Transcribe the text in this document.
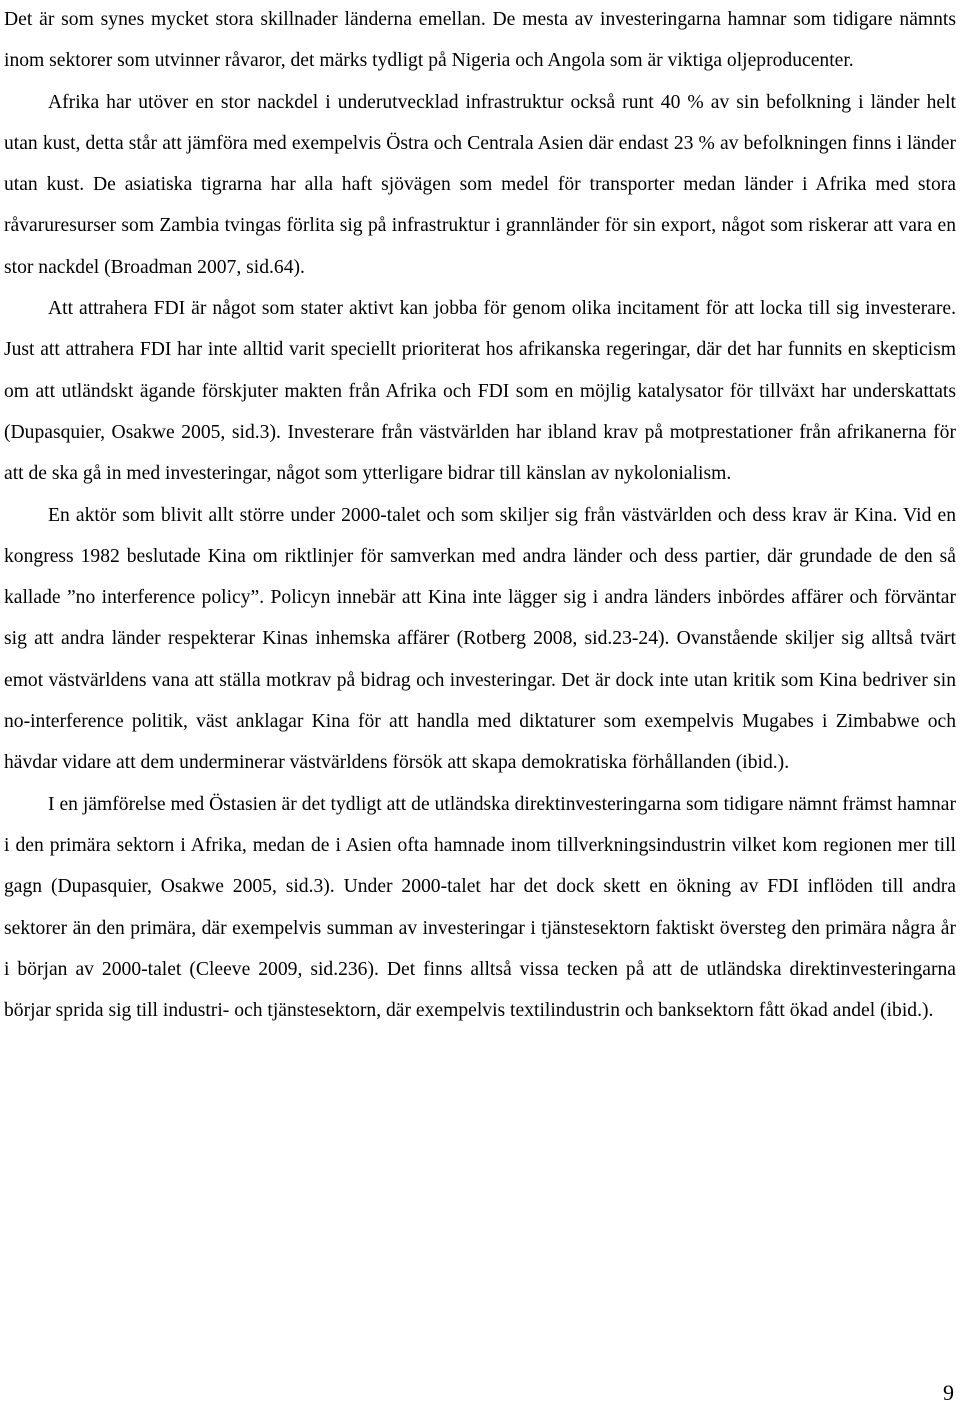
Det är som synes mycket stora skillnader länderna emellan. De mesta av investeringarna hamnar som tidigare nämnts inom sektorer som utvinner råvaror, det märks tydligt på Nigeria och Angola som är viktiga oljeproducenter.

Afrika har utöver en stor nackdel i underutvecklad infrastruktur också runt 40 % av sin befolkning i länder helt utan kust, detta står att jämföra med exempelvis Östra och Centrala Asien där endast 23 % av befolkningen finns i länder utan kust. De asiatiska tigrarna har alla haft sjövägen som medel för transporter medan länder i Afrika med stora råvaruresurser som Zambia tvingas förlita sig på infrastruktur i grannländer för sin export, något som riskerar att vara en stor nackdel (Broadman 2007, sid.64).

Att attrahera FDI är något som stater aktivt kan jobba för genom olika incitament för att locka till sig investerare. Just att attrahera FDI har inte alltid varit speciellt prioriterat hos afrikanska regeringar, där det har funnits en skepticism om att utländskt ägande förskjuter makten från Afrika och FDI som en möjlig katalysator för tillväxt har underskattats (Dupasquier, Osakwe 2005, sid.3). Investerare från västvärlden har ibland krav på motprestationer från afrikanerna för att de ska gå in med investeringar, något som ytterligare bidrar till känslan av nykolonialism.

En aktör som blivit allt större under 2000-talet och som skiljer sig från västvärlden och dess krav är Kina. Vid en kongress 1982 beslutade Kina om riktlinjer för samverkan med andra länder och dess partier, där grundade de den så kallade ”no interference policy”. Policyn innebär att Kina inte lägger sig i andra länders inbördes affärer och förväntar sig att andra länder respekterar Kinas inhemska affärer (Rotberg 2008, sid.23-24). Ovanstående skiljer sig alltså tvärt emot västvärldens vana att ställa motkrav på bidrag och investeringar. Det är dock inte utan kritik som Kina bedriver sin no-interference politik, väst anklagar Kina för att handla med diktaturer som exempelvis Mugabes i Zimbabwe och hävdar vidare att dem underminerar västvärldens försök att skapa demokratiska förhållanden (ibid.).

I en jämförelse med Östasien är det tydligt att de utländska direktinvesteringarna som tidigare nämnt främst hamnar i den primära sektorn i Afrika, medan de i Asien ofta hamnade inom tillverkningsindustrin vilket kom regionen mer till gagn (Dupasquier, Osakwe 2005, sid.3). Under 2000-talet har det dock skett en ökning av FDI inflöden till andra sektorer än den primära, där exempelvis summan av investeringar i tjänstesektorn faktiskt översteg den primära några år i början av 2000-talet (Cleeve 2009, sid.236). Det finns alltså vissa tecken på att de utländska direktinvesteringarna börjar sprida sig till industri- och tjänstesektorn, där exempelvis textilindustrin och banksektorn fått ökad andel (ibid.).

9
